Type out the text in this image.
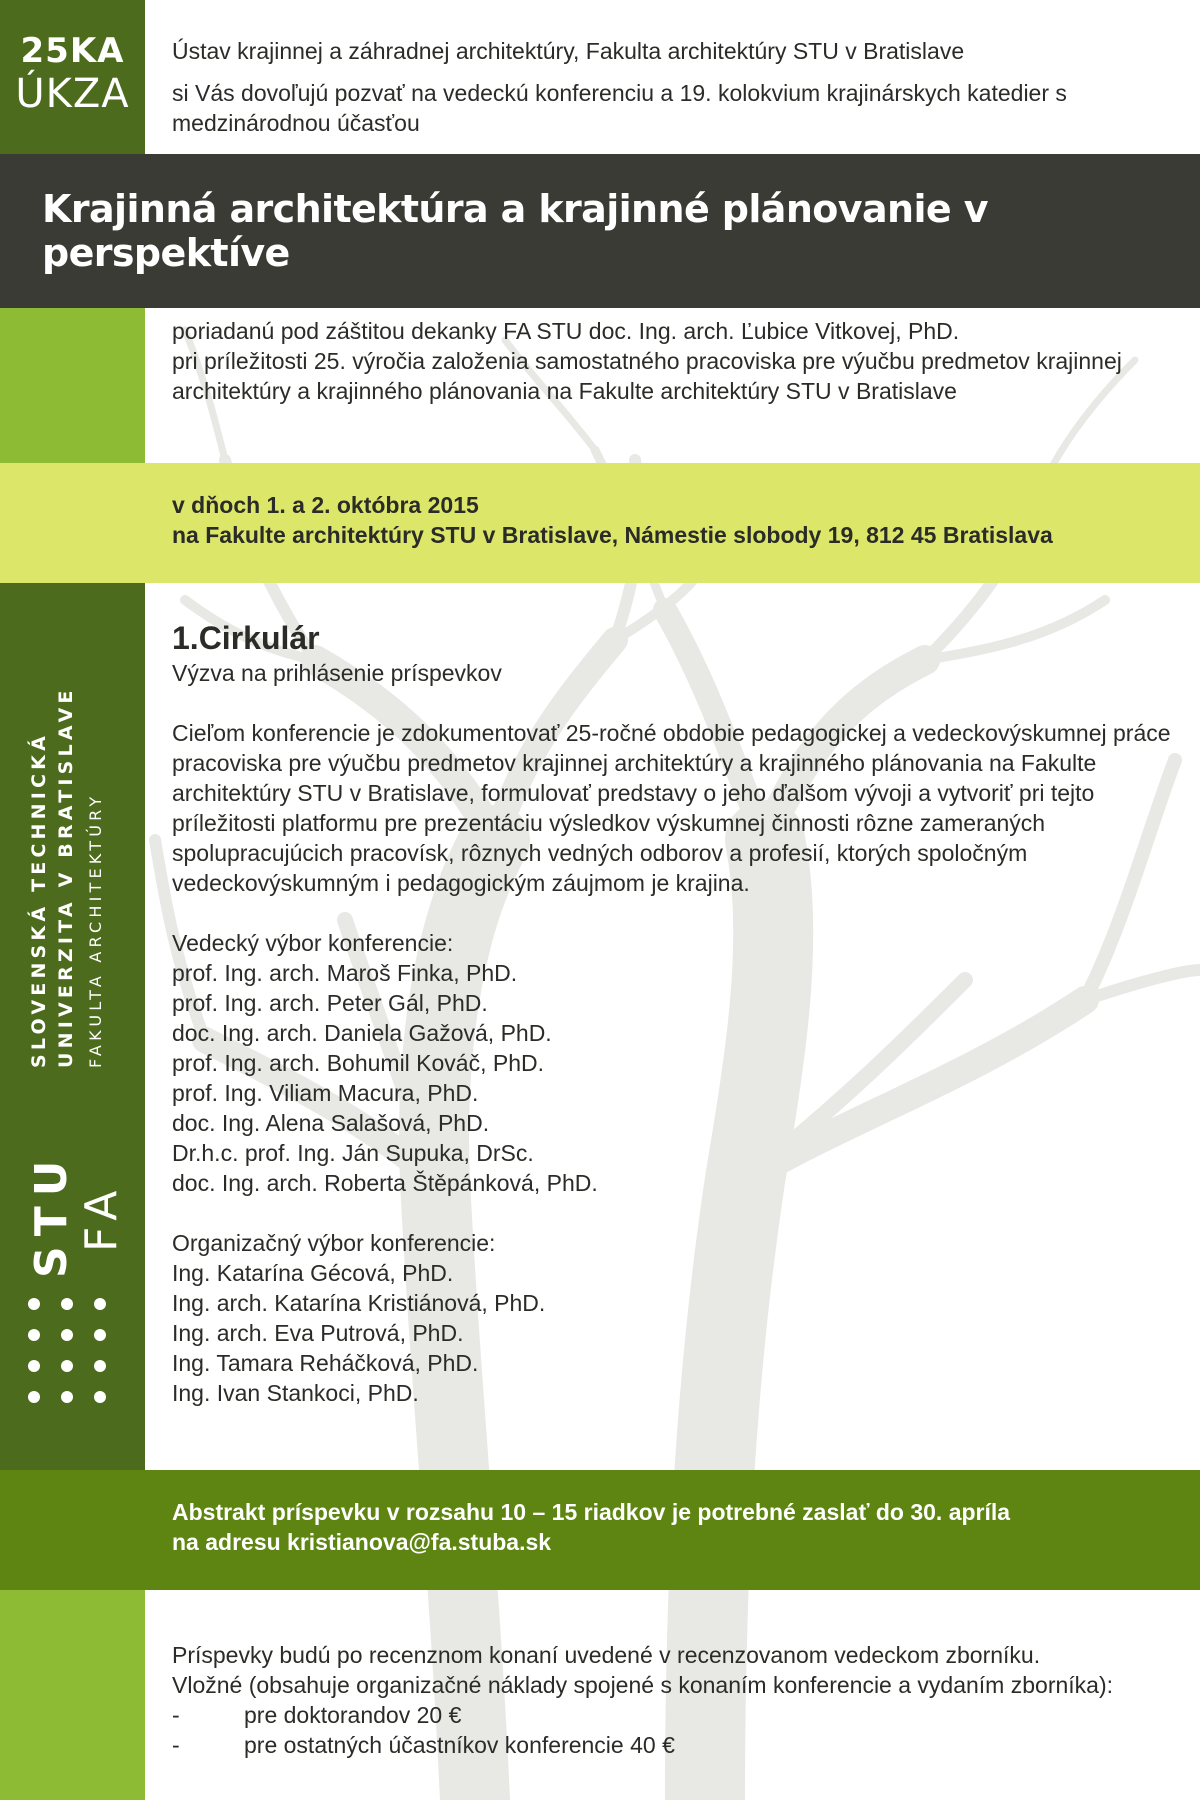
25KA
ÚKZA
SLOVENSKÁ TECHNICKÁ UNIVERZITA V BRATISLAVE FAKULTA ARCHITEKTÚRY
STU FA

Ústav krajinnej a záhradnej architektúry, Fakulta architektúry STU v Bratislave

si Vás dovoľujú pozvať na vedeckú konferenciu a 19. kolokvium krajinárskych katedier s medzinárodnou účasťou

Krajinná architektúra a krajinné plánovanie v perspektíve
poriadanú pod záštitou dekanky FA STU doc. Ing. arch. Ľubice Vitkovej, PhD.
pri príležitosti 25. výročia založenia samostatného pracoviska pre výučbu predmetov krajinnej architektúry a krajinného plánovania na Fakulte architektúry STU v Bratislave
v dňoch 1. a 2. októbra 2015
na Fakulte architektúry STU v Bratislave, Námestie slobody 19, 812 45 Bratislava
1.Cirkulár
Výzva na prihlásenie príspevkov
Cieľom konferencie je zdokumentovať 25-ročné obdobie pedagogickej a vedeckovýskumnej práce pracoviska pre výučbu predmetov krajinnej architektúry a krajinného plánovania na Fakulte architektúry STU v Bratislave, formulovať predstavy o jeho ďalšom vývoji a vytvoriť pri tejto príležitosti platformu pre prezentáciu výsledkov výskumnej činnosti rôzne zameraných spolupracujúcich pracovísk, rôznych vedných odborov a profesií, ktorých spoločným vedeckovýskumným i pedagogickým záujmom je krajina.
Vedecký výbor konferencie:
prof. Ing. arch. Maroš Finka, PhD.
prof. Ing. arch. Peter Gál, PhD.
doc. Ing. arch. Daniela Gažová, PhD.
prof. Ing. arch. Bohumil Kováč, PhD.
prof. Ing. Viliam Macura, PhD.
doc. Ing. Alena Salašová, PhD.
Dr.h.c. prof. Ing. Ján Supuka, DrSc.
doc. Ing. arch. Roberta Štěpánková, PhD.
Organizačný výbor konferencie:
Ing. Katarína Gécová, PhD.
Ing. arch. Katarína Kristiánová, PhD.
Ing. arch. Eva Putrová, PhD.
Ing. Tamara Reháčková, PhD.
Ing. Ivan Stankoci, PhD.
Abstrakt príspevku v rozsahu 10 – 15 riadkov je potrebné zaslať do 30. apríla
na adresu kristianova@fa.stuba.sk
Príspevky budú po recenznom konaní uvedené v recenzovanom vedeckom zborníku.
Vložné (obsahuje organizačné náklady spojené s konaním konferencie a vydaním zborníka):
-	pre doktorandov 20 €
-	pre ostatných účastníkov konferencie 40 €
